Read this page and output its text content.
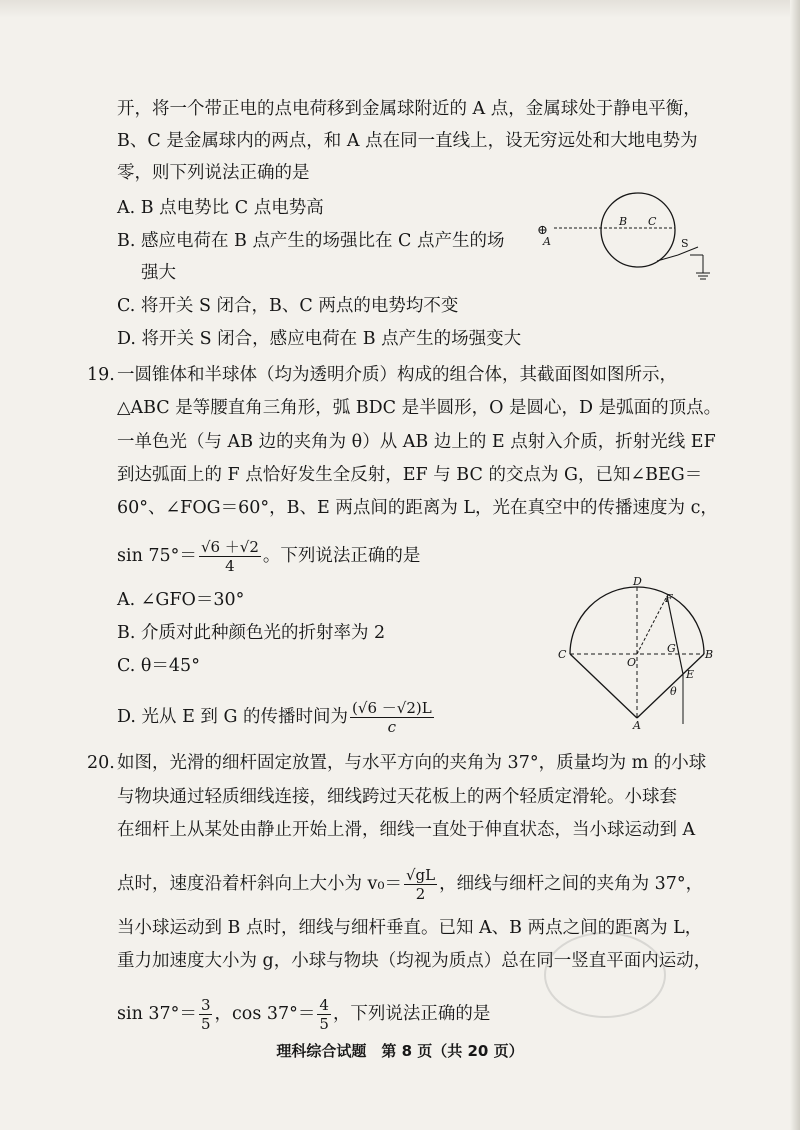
开，将一个带正电的点电荷移到金属球附近的 A 点，金属球处于静电平衡，
B、C 是金属球内的两点，和 A 点在同一直线上，设无穷远处和大地电势为
零，则下列说法正确的是
A. B 点电势比 C 点电势高
B. 感应电荷在 B 点产生的场强比在 C 点产生的场
强大
C. 将开关 S 闭合，B、C 两点的电势均不变
D. 将开关 S 闭合，感应电荷在 B 点产生的场强变大
⊕
A
B C
S
19. 一圆锥体和半球体（均为透明介质）构成的组合体，其截面图如图所示，
△ABC 是等腰直角三角形，弧 BDC 是半圆形，O 是圆心，D 是弧面的顶点。
一单色光（与 AB 边的夹角为 θ）从 AB 边上的 E 点射入介质，折射光线 EF
到达弧面上的 F 点恰好发生全反射，EF 与 BC 的交点为 G，已知∠BEG＝
60°、∠FOG＝60°，B、E 两点间的距离为 L，光在真空中的传播速度为 c，
$\sin 75^\circ= \frac{√6 +√2}{4}$ 。下列说法正确的是
A. ∠GFO＝30°
B. 介质对此种颜色光的折射率为 2
C. θ＝45°
D. 光从 E 到 G 的传播时间为 $\frac{(√6 -√2)L}{c}$
D
F
C
O
G	B
E
θ
A
20. 如图，光滑的细杆固定放置，与水平方向的夹角为 37°，质量均为 m 的小球
与物块通过轻质细线连接，细线跨过天花板上的两个轻质定滑轮。小球套
在细杆上从某处由静止开始上滑，细线一直处于伸直状态，当小球运动到 A
点时，速度沿着杆斜向上大小为 $v_0= \frac{√gL}{2}$ ，细线与细杆之间的夹角为 37°，
当小球运动到 B 点时，细线与细杆垂直。已知 A、B 两点之间的距离为 L，
重力加速度大小为 g，小球与物块（均视为质点）总在同一竖直平面内运动，
$\sin 37^\circ= \frac{3}{5}$ ，$\cos 37^\circ= \frac{4}{5}$ ，下列说法正确的是
理科综合试题　第 8 页（共 20 页）
